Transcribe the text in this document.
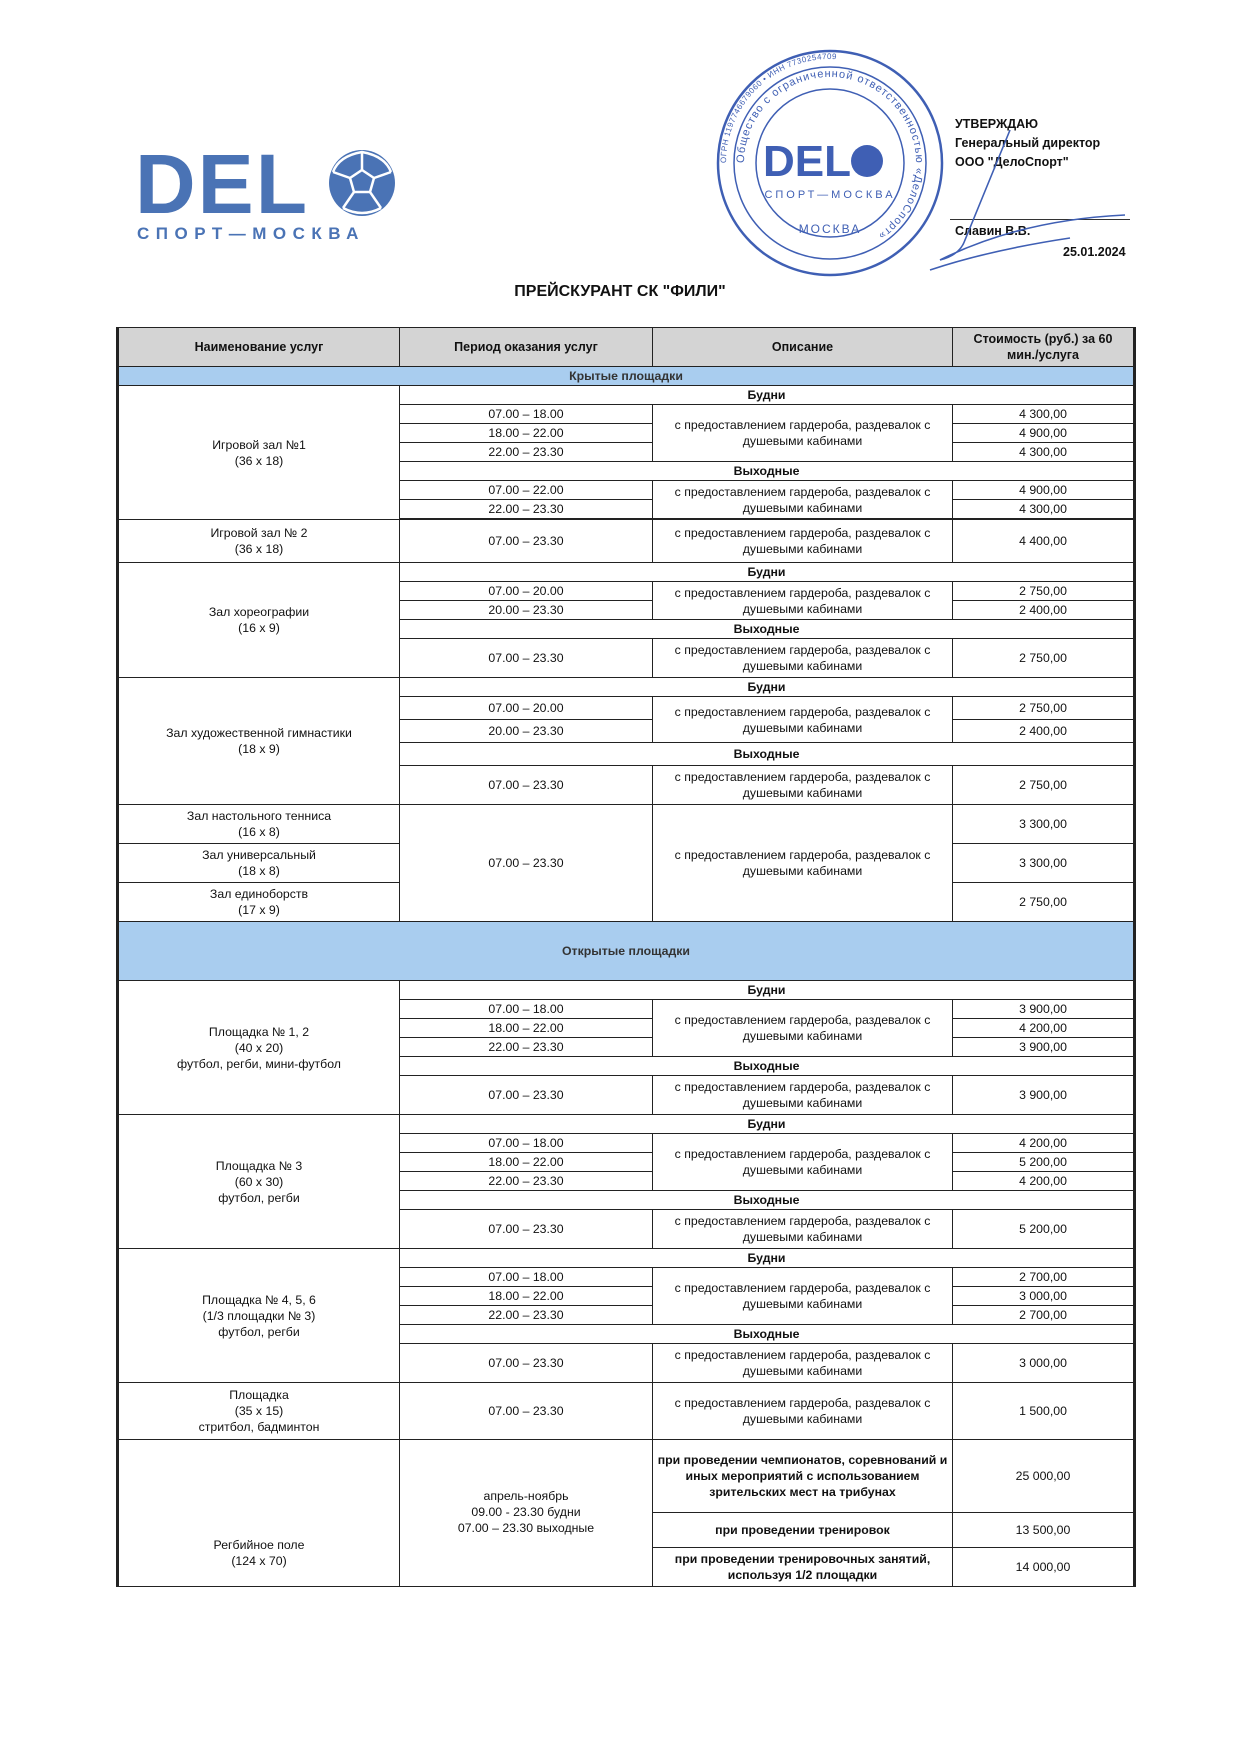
DEL
СПОРТ—МОСКВА
Общество с ограниченной ответственностью «ДелоСпорт»
ОГРН 1197746679060 • ИНН 7730254709
DEL
СПОРТ—МОСКВА
МОСКВА
УТВЕРЖДАЮ
Генеральный директор
ООО "ДелоСпорт"
Славин В.В.
25.01.2024
ПРЕЙСКУРАНТ СК "ФИЛИ"
Наименование услуг	Период оказания услуг	Описание	Стоимость (руб.) за 60 мин./услуга
Крытые площадки			
Игровой зал №1
(36 х 18)	Будни		
	07.00 – 18.00	с предоставлением гардероба, раздевалок с душевыми кабинами	4 300,00
	18.00 – 22.00		4 900,00
	22.00 – 23.30		4 300,00
	Выходные		
	07.00 – 22.00	с предоставлением гардероба, раздевалок с душевыми кабинами	4 900,00
	22.00 – 23.30		4 300,00

Игровой зал № 2
(36 х 18)	07.00 – 23.30	с предоставлением гардероба, раздевалок с душевыми кабинами	4 400,00
Зал хореографии
(16 х 9)	Будни		
	07.00 – 20.00	с предоставлением гардероба, раздевалок с душевыми кабинами	2 750,00
	20.00 – 23.30		2 400,00
	Выходные		
	07.00 – 23.30	с предоставлением гардероба, раздевалок с душевыми кабинами	2 750,00
Зал художественной гимнастики
(18 х 9)	Будни		
	07.00 – 20.00	с предоставлением гардероба, раздевалок с душевыми кабинами	2 750,00
	20.00 – 23.30		2 400,00
	Выходные		
	07.00 – 23.30	с предоставлением гардероба, раздевалок с душевыми кабинами	2 750,00
Зал настольного тенниса
(16 х 8)	07.00 – 23.30	с предоставлением гардероба, раздевалок с душевыми кабинами	3 300,00
Зал универсальный
(18 х 8)			3 300,00
Зал единоборств
(17 х 9)			2 750,00
Открытые площадки			
Площадка № 1, 2
(40 х 20)
футбол, регби, мини-футбол	Будни		
	07.00 – 18.00	с предоставлением гардероба, раздевалок с душевыми кабинами	3 900,00
	18.00 – 22.00		4 200,00
	22.00 – 23.30		3 900,00
	Выходные		
	07.00 – 23.30	с предоставлением гардероба, раздевалок с душевыми кабинами	3 900,00
Площадка № 3
(60 х 30)
футбол, регби	Будни		
	07.00 – 18.00	с предоставлением гардероба, раздевалок с душевыми кабинами	4 200,00
	18.00 – 22.00		5 200,00
	22.00 – 23.30		4 200,00
	Выходные		
	07.00 – 23.30	с предоставлением гардероба, раздевалок с душевыми кабинами	5 200,00
Площадка № 4, 5, 6
(1/3 площадки № 3)
футбол, регби	Будни		
	07.00 – 18.00	с предоставлением гардероба, раздевалок с душевыми кабинами	2 700,00
	18.00 – 22.00		3 000,00
	22.00 – 23.30		2 700,00
	Выходные		
	07.00 – 23.30	с предоставлением гардероба, раздевалок с душевыми кабинами	3 000,00
Площадка
(35 х 15)
стритбол, бадминтон	07.00 – 23.30	с предоставлением гардероба, раздевалок с душевыми кабинами	1 500,00
Регбийное поле
(124 х 70)	апрель-ноябрь
09.00 - 23.30 будни
07.00 – 23.30 выходные	при проведении чемпионатов, соревнований и иных мероприятий с использованием зрительских мест на трибунах	25 000,00
		при проведении тренировок	13 500,00
		при проведении тренировочных занятий, используя 1/2 площадки	14 000,00
